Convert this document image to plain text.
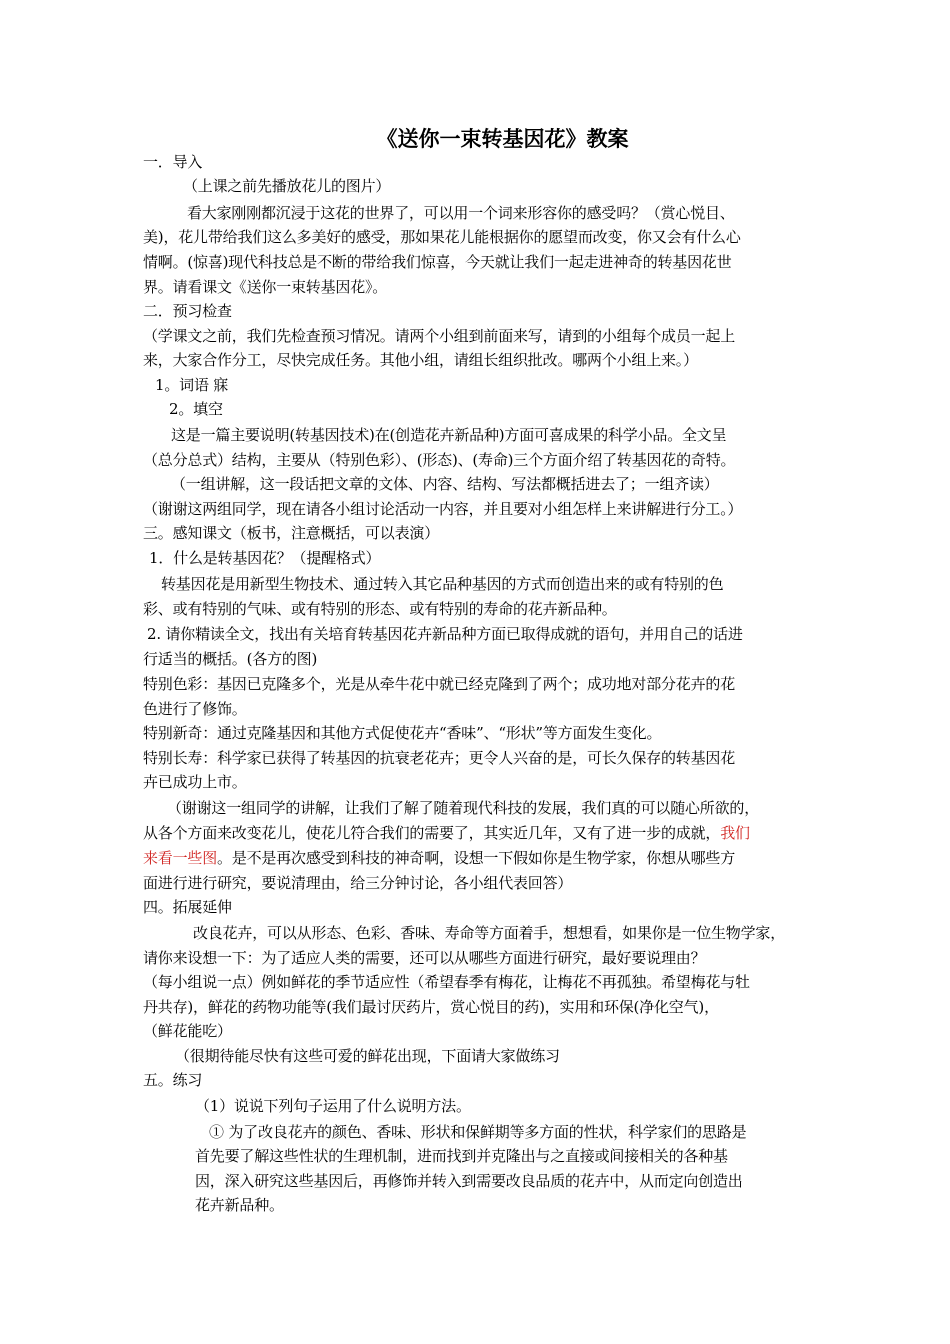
《送你一束转基因花》教案
一．导入
（上课之前先播放花儿的图片）
看大家刚刚都沉浸于这花的世界了，可以用一个词来形容你的感受吗？（赏心悦目、
美)，花儿带给我们这么多美好的感受，那如果花儿能根据你的愿望而改变，你又会有什么心
情啊。(惊喜)现代科技总是不断的带给我们惊喜，今天就让我们一起走进神奇的转基因花世
界。请看课文《送你一束转基因花》。
二．预习检查
（学课文之前，我们先检查预习情况。请两个小组到前面来写，请到的小组每个成员一起上
来，大家合作分工，尽快完成任务。其他小组，请组长组织批改。哪两个小组上来。）
1。词语 寐
2。填空
这是一篇主要说明(转基因技术)在(创造花卉新品种)方面可喜成果的科学小品。全文呈
（总分总式）结构，主要从（特别色彩）、(形态)、(寿命)三个方面介绍了转基因花的奇特。
（一组讲解，这一段话把文章的文体、内容、结构、写法都概括进去了；一组齐读）
（谢谢这两组同学，现在请各小组讨论活动一内容，并且要对小组怎样上来讲解进行分工。）
三。感知课文（板书，注意概括，可以表演）
1．什么是转基因花？（提醒格式）
转基因花是用新型生物技术、通过转入其它品种基因的方式而创造出来的或有特别的色
彩、或有特别的气味、或有特别的形态、或有特别的寿命的花卉新品种。
2. 请你精读全文，找出有关培育转基因花卉新品种方面已取得成就的语句，并用自己的话进
行适当的概括。(各方的图)
特别色彩：基因已克隆多个，光是从牵牛花中就已经克隆到了两个；成功地对部分花卉的花
色进行了修饰。
特别新奇：通过克隆基因和其他方式促使花卉“香味”、“形状”等方面发生变化。
特别长寿：科学家已获得了转基因的抗衰老花卉；更令人兴奋的是，可长久保存的转基因花
卉已成功上市。
（谢谢这一组同学的讲解，让我们了解了随着现代科技的发展，我们真的可以随心所欲的，
从各个方面来改变花儿，使花儿符合我们的需要了，其实近几年，又有了进一步的成就，我们
来看一些图。是不是再次感受到科技的神奇啊，设想一下假如你是生物学家，你想从哪些方
面进行进行研究，要说清理由，给三分钟讨论，各小组代表回答）
四。拓展延伸
改良花卉，可以从形态、色彩、香味、寿命等方面着手，想想看，如果你是一位生物学家，
请你来设想一下：为了适应人类的需要，还可以从哪些方面进行研究，最好要说理由？
（每小组说一点）例如鲜花的季节适应性（希望春季有梅花，让梅花不再孤独。希望梅花与牡
丹共存)，鲜花的药物功能等(我们最讨厌药片，赏心悦目的药)，实用和环保(净化空气)，
（鲜花能吃）
（很期待能尽快有这些可爱的鲜花出现，下面请大家做练习
五。练习
（1）说说下列句子运用了什么说明方法。
① 为了改良花卉的颜色、香味、形状和保鲜期等多方面的性状，科学家们的思路是
首先要了解这些性状的生理机制，进而找到并克隆出与之直接或间接相关的各种基
因，深入研究这些基因后，再修饰并转入到需要改良品质的花卉中，从而定向创造出
花卉新品种。
